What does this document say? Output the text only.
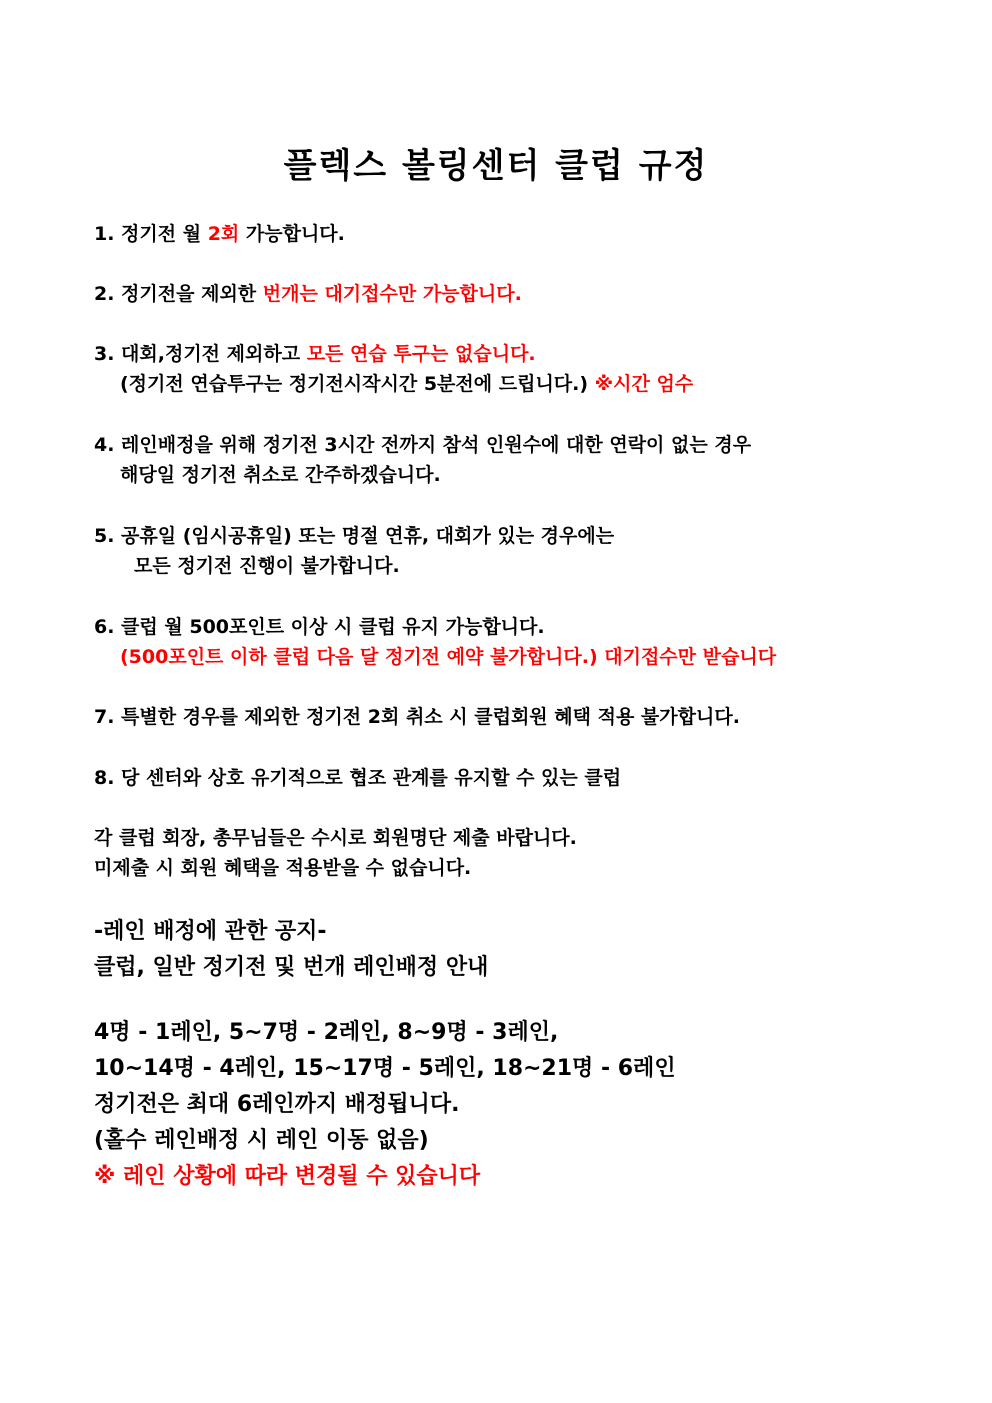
플렉스 볼링센터 클럽 규정
1. 정기전 월 2회 가능합니다.
2. 정기전을 제외한 번개는 대기접수만 가능합니다.
3. 대회,정기전 제외하고 모든 연습 투구는 없습니다.
(정기전 연습투구는 정기전시작시간 5분전에 드립니다.) ※시간 엄수
4. 레인배정을 위해 정기전 3시간 전까지 참석 인원수에 대한 연락이 없는 경우
해당일 정기전 취소로 간주하겠습니다.
5. 공휴일 (임시공휴일) 또는 명절 연휴, 대회가 있는 경우에는
모든 정기전 진행이 불가합니다.
6. 클럽 월 500포인트 이상 시 클럽 유지 가능합니다.
(500포인트 이하 클럽 다음 달 정기전 예약 불가합니다.) 대기접수만 받습니다
7. 특별한 경우를 제외한 정기전 2회 취소 시 클럽회원 혜택 적용 불가합니다.
8. 당 센터와 상호 유기적으로 협조 관계를 유지할 수 있는 클럽
각 클럽 회장, 총무님들은 수시로 회원명단 제출 바랍니다.
미제출 시 회원 혜택을 적용받을 수 없습니다.
-레인 배정에 관한 공지-
클럽, 일반 정기전 및 번개 레인배정 안내
4명 - 1레인, 5~7명 - 2레인, 8~9명 - 3레인,
10~14명 - 4레인, 15~17명 - 5레인, 18~21명 - 6레인
정기전은 최대 6레인까지 배정됩니다.
(홀수 레인배정 시 레인 이동 없음)
※ 레인 상황에 따라 변경될 수 있습니다
